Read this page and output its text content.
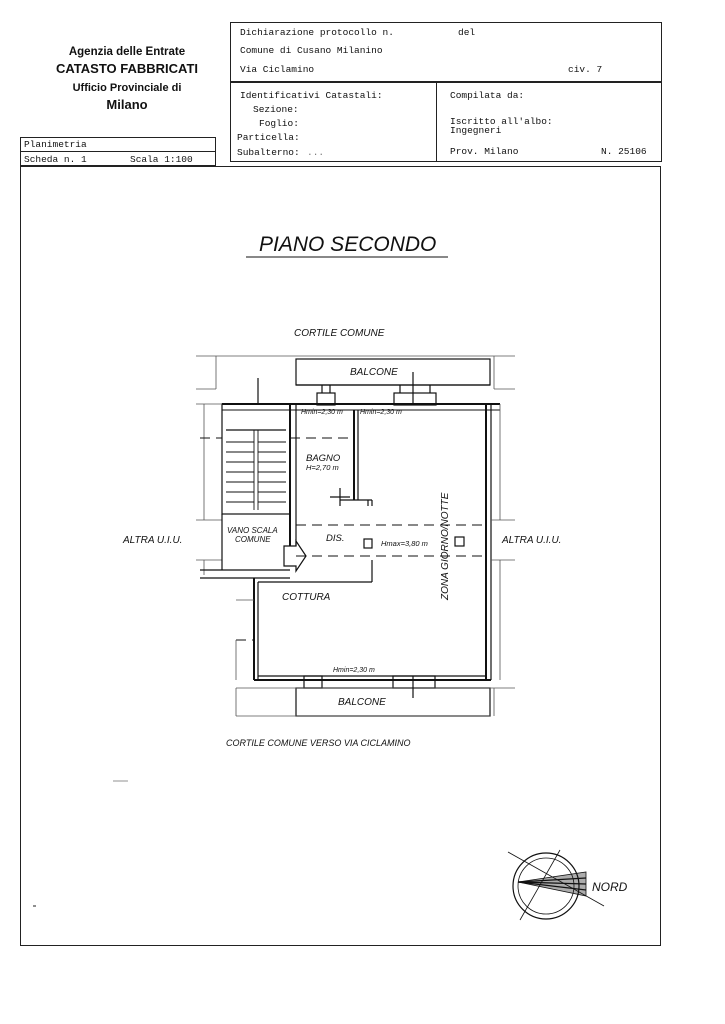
Agenzia delle Entrate
CATASTO FABBRICATI
Ufficio Provinciale di
Milano
Dichiarazione protocollo n.	del
Comune di Cusano Milanino
Via Ciclamino	civ. 7
Identificativi Catastali:
Sezione:
Foglio:
Particella:
Subalterno: ...
Compilata da:
Iscritto all'albo:
Ingegneri
Prov. Milano	N. 25106
Planimetria
Scheda n. 1	Scala 1:100
PIANO SECONDO
CORTILE COMUNE
BALCONE
Hmin=2,30 m Hmin=2,30 m
BAGNO
H=2,70 m
ALTRA U.I.U.	ALTRA U.I.U.
VANO SCALA
COMUNE	DIS.	Hmax=3,80 m ZONA GIORNO/NOTTE
COTTURA
Hmin=2,30 m
BALCONE
CORTILE COMUNE VERSO VIA CICLAMINO
NORD
